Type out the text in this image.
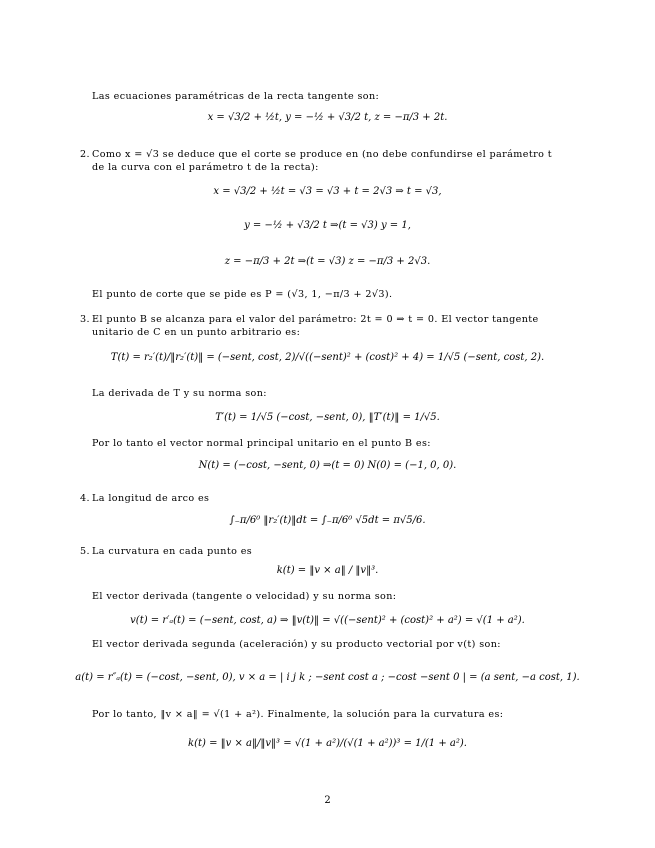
Las ecuaciones paramétricas de la recta tangente son:
x = √3/2 + ½t, y = −½ + √3/2 t, z = −π/3 + 2t.
2. Como x = √3 se deduce que el corte se produce en (no debe confundirse el parámetro t de la curva con el parámetro t de la recta):
x = √3/2 + ½t = √3 = √3 + t = 2√3 ⇒ t = √3,
y = −½ + √3/2 t ⇒(t = √3) y = 1,
z = −π/3 + 2t ⇒(t = √3) z = −π/3 + 2√3.
El punto de corte que se pide es P = (√3, 1, −π/3 + 2√3).
3. El punto B se alcanza para el valor del parámetro: 2t = 0 ⇒ t = 0. El vector tangente unitario de C en un punto arbitrario es:
T(t) = r₂′(t)/‖r₂′(t)‖ = (−sent, cost, 2)/√((−sent)² + (cost)² + 4) = 1/√5 (−sent, cost, 2).
La derivada de T y su norma son:
T′(t) = 1/√5 (−cost, −sent, 0), ‖T′(t)‖ = 1/√5.
Por lo tanto el vector normal principal unitario en el punto B es:
N(t) = (−cost, −sent, 0) ⇒(t = 0) N(0) = (−1, 0, 0).
4. La longitud de arco es
∫₋π/6⁰ ‖r₂′(t)‖dt = ∫₋π/6⁰ √5dt = π√5/6.
5. La curvatura en cada punto es
k(t) = ‖v × a‖ / ‖v‖³.
El vector derivada (tangente o velocidad) y su norma son:
v(t) = r′ₐ(t) = (−sent, cost, a) ⇒ ‖v(t)‖ = √((−sent)² + (cost)² + a²) = √(1 + a²).
El vector derivada segunda (aceleración) y su producto vectorial por v(t) son:
a(t) = r″ₐ(t) = (−cost, −sent, 0), v × a = | i j k ; −sent cost a ; −cost −sent 0 | = (a sent, −a cost, 1).
Por lo tanto, ‖v × a‖ = √(1 + a²). Finalmente, la solución para la curvatura es:
k(t) = ‖v × a‖/‖v‖³ = √(1 + a²)/(√(1 + a²))³ = 1/(1 + a²).
2
